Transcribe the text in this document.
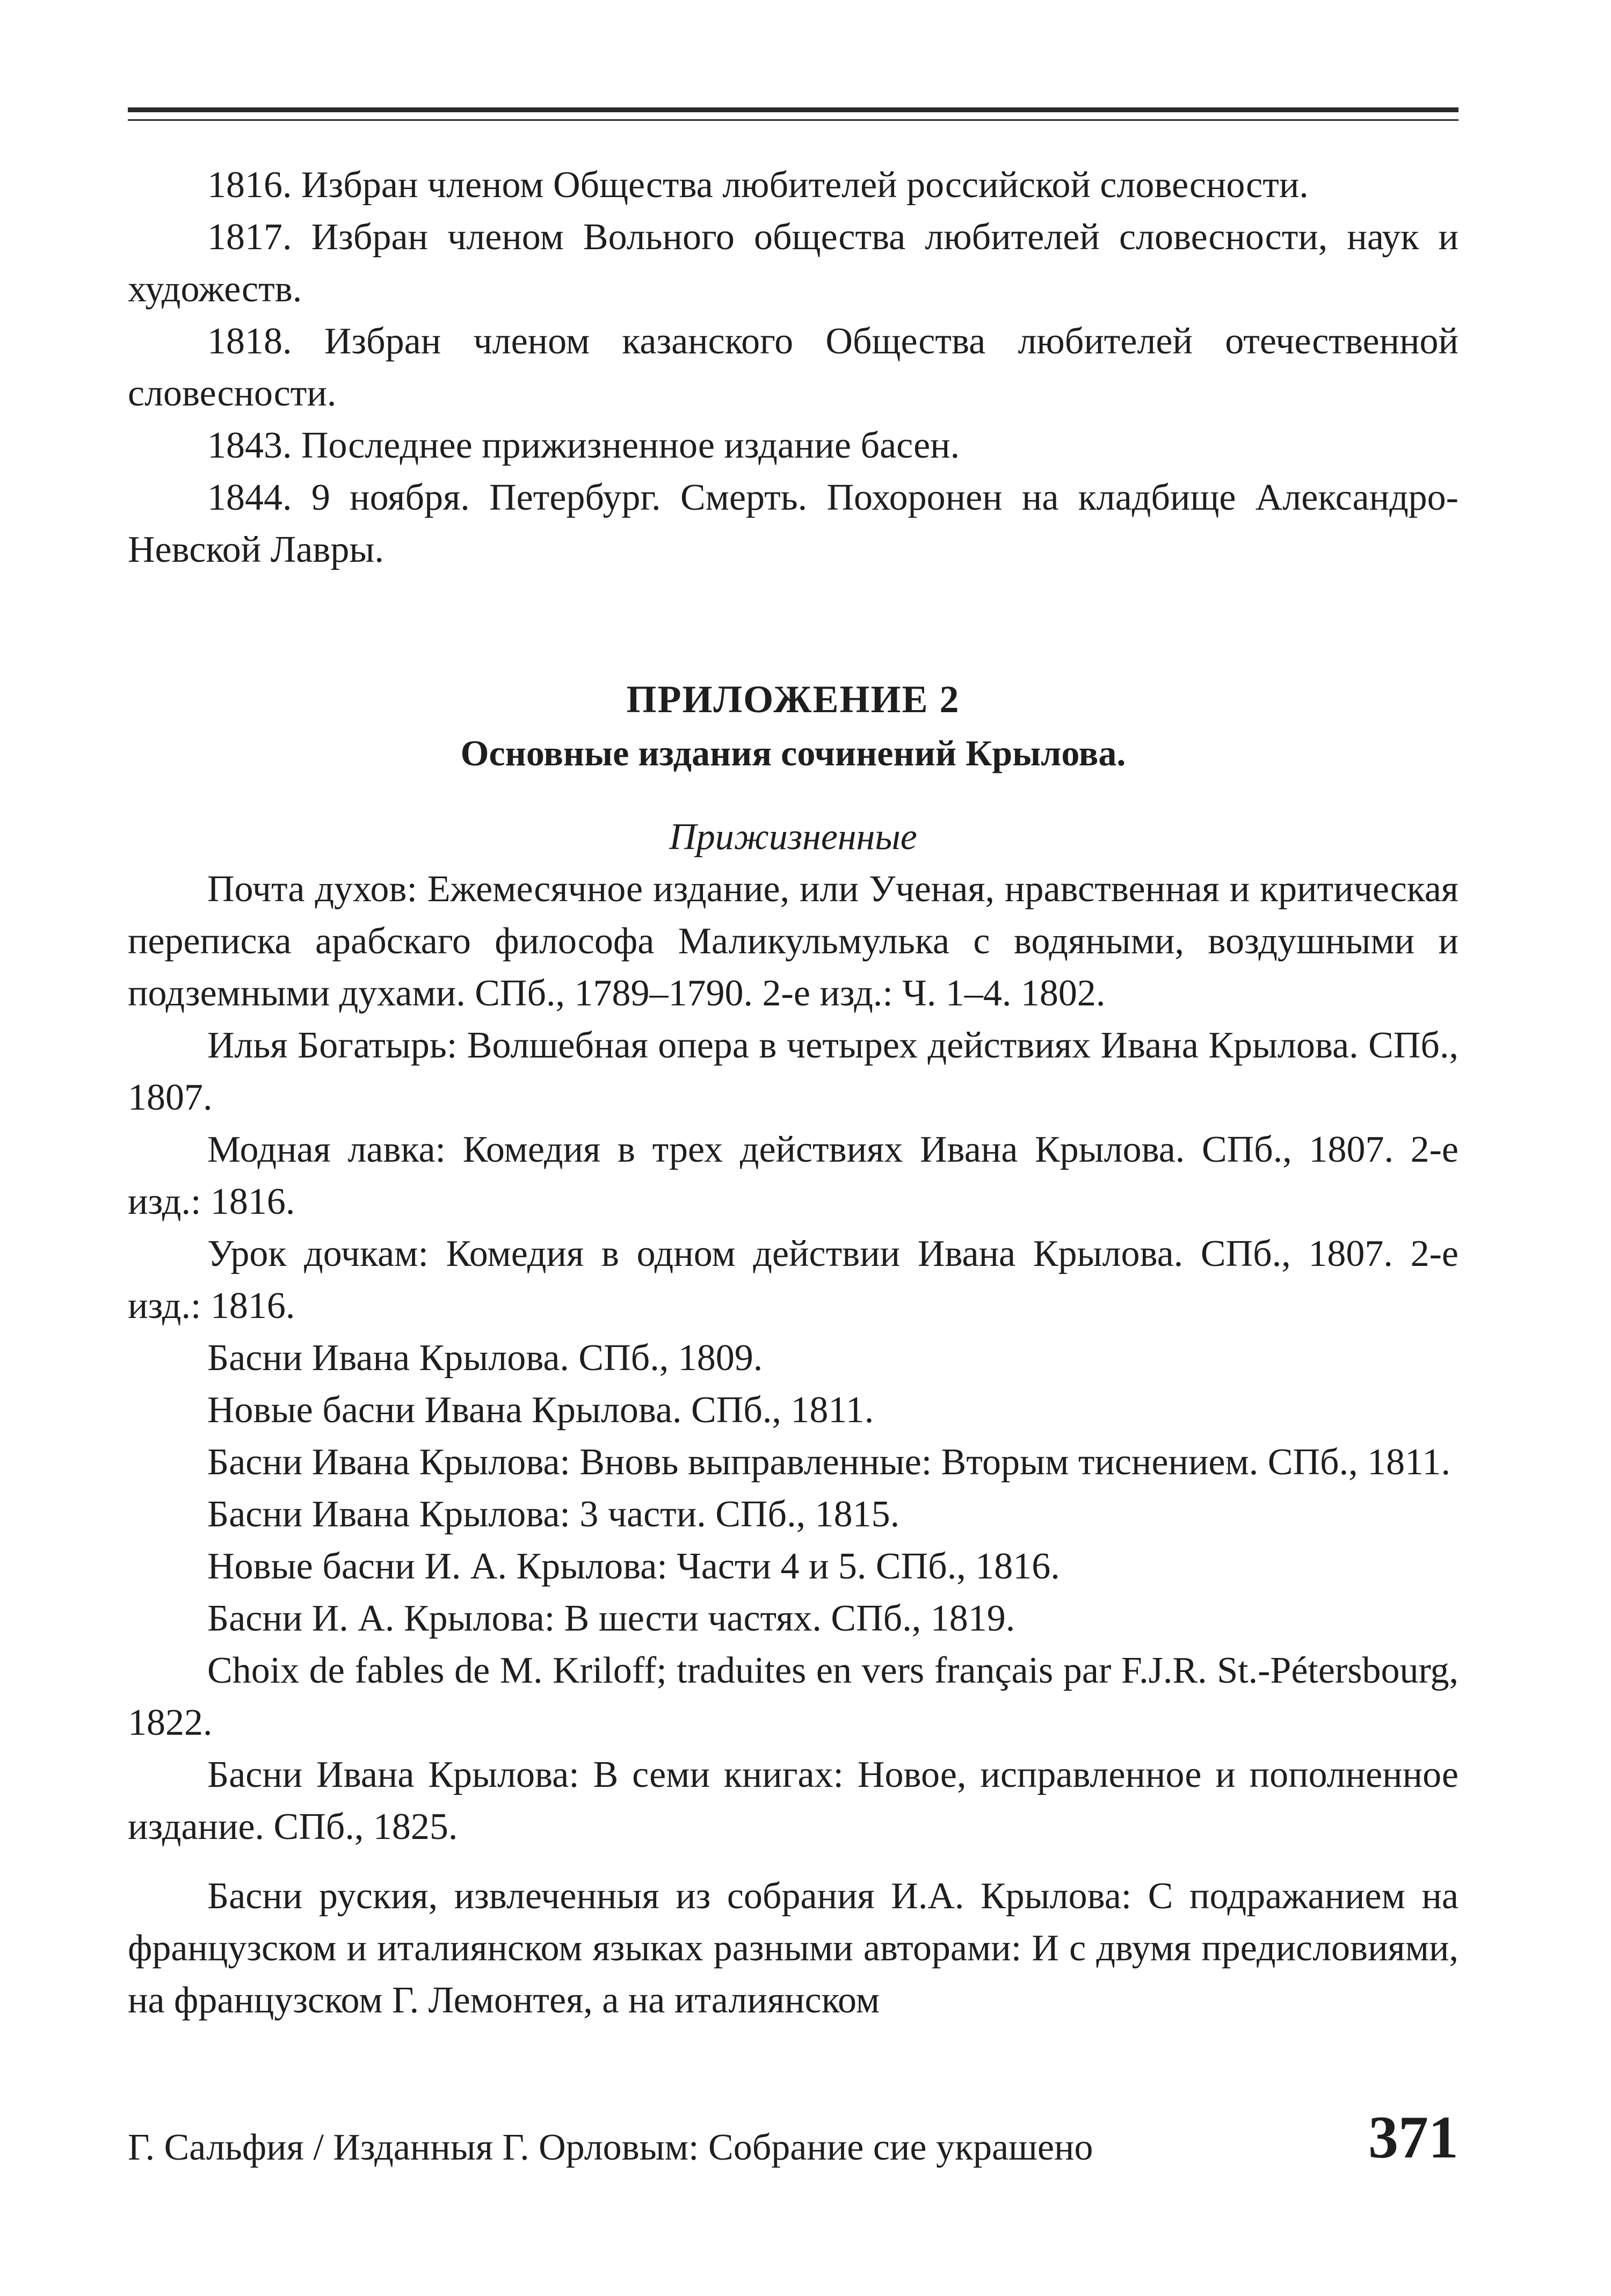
1816. Избран членом Общества любителей российской словесности.

1817. Избран членом Вольного общества любителей словесности, наук и художеств.

1818. Избран членом казанского Общества любителей отечественной словесности.

1843. Последнее прижизненное издание басен.

1844. 9 ноября. Петербург. Смерть. Похоронен на кладбище Александро-Невской Лавры.

ПРИЛОЖЕНИЕ 2
Основные издания сочинений Крылова.
Прижизненные

Почта духов: Ежемесячное издание, или Ученая, нравственная и критическая переписка арабскаго философа Маликульмулька с водяными, воздушными и подземными духами. СПб., 1789–1790. 2-е изд.: Ч. 1–4. 1802.

Илья Богатырь: Волшебная опера в четырех действиях Ивана Крылова. СПб., 1807.

Модная лавка: Комедия в трех действиях Ивана Крылова. СПб., 1807. 2-е изд.: 1816.

Урок дочкам: Комедия в одном действии Ивана Крылова. СПб., 1807. 2-е изд.: 1816.

Басни Ивана Крылова. СПб., 1809.

Новые басни Ивана Крылова. СПб., 1811.

Басни Ивана Крылова: Вновь выправленные: Вторым тиснением. СПб., 1811.

Басни Ивана Крылова: 3 части. СПб., 1815.

Новые басни И. А. Крылова: Части 4 и 5. СПб., 1816.

Басни И. А. Крылова: В шести частях. СПб., 1819.

Choix de fables de M. Kriloff; traduites en vers français par F.J.R. St.-Pétersbourg, 1822.

Басни Ивана Крылова: В семи книгах: Новое, исправленное и пополненное издание. СПб., 1825.

Басни руския, извлеченныя из собрания И.А. Крылова: С подражанием на французском и италиянском языках разными авторами: И с двумя предисловиями, на французском Г. Лемонтея, а на италиянском

Г. Сальфия / Изданныя Г. Орловым: Собрание сие украшено	371
